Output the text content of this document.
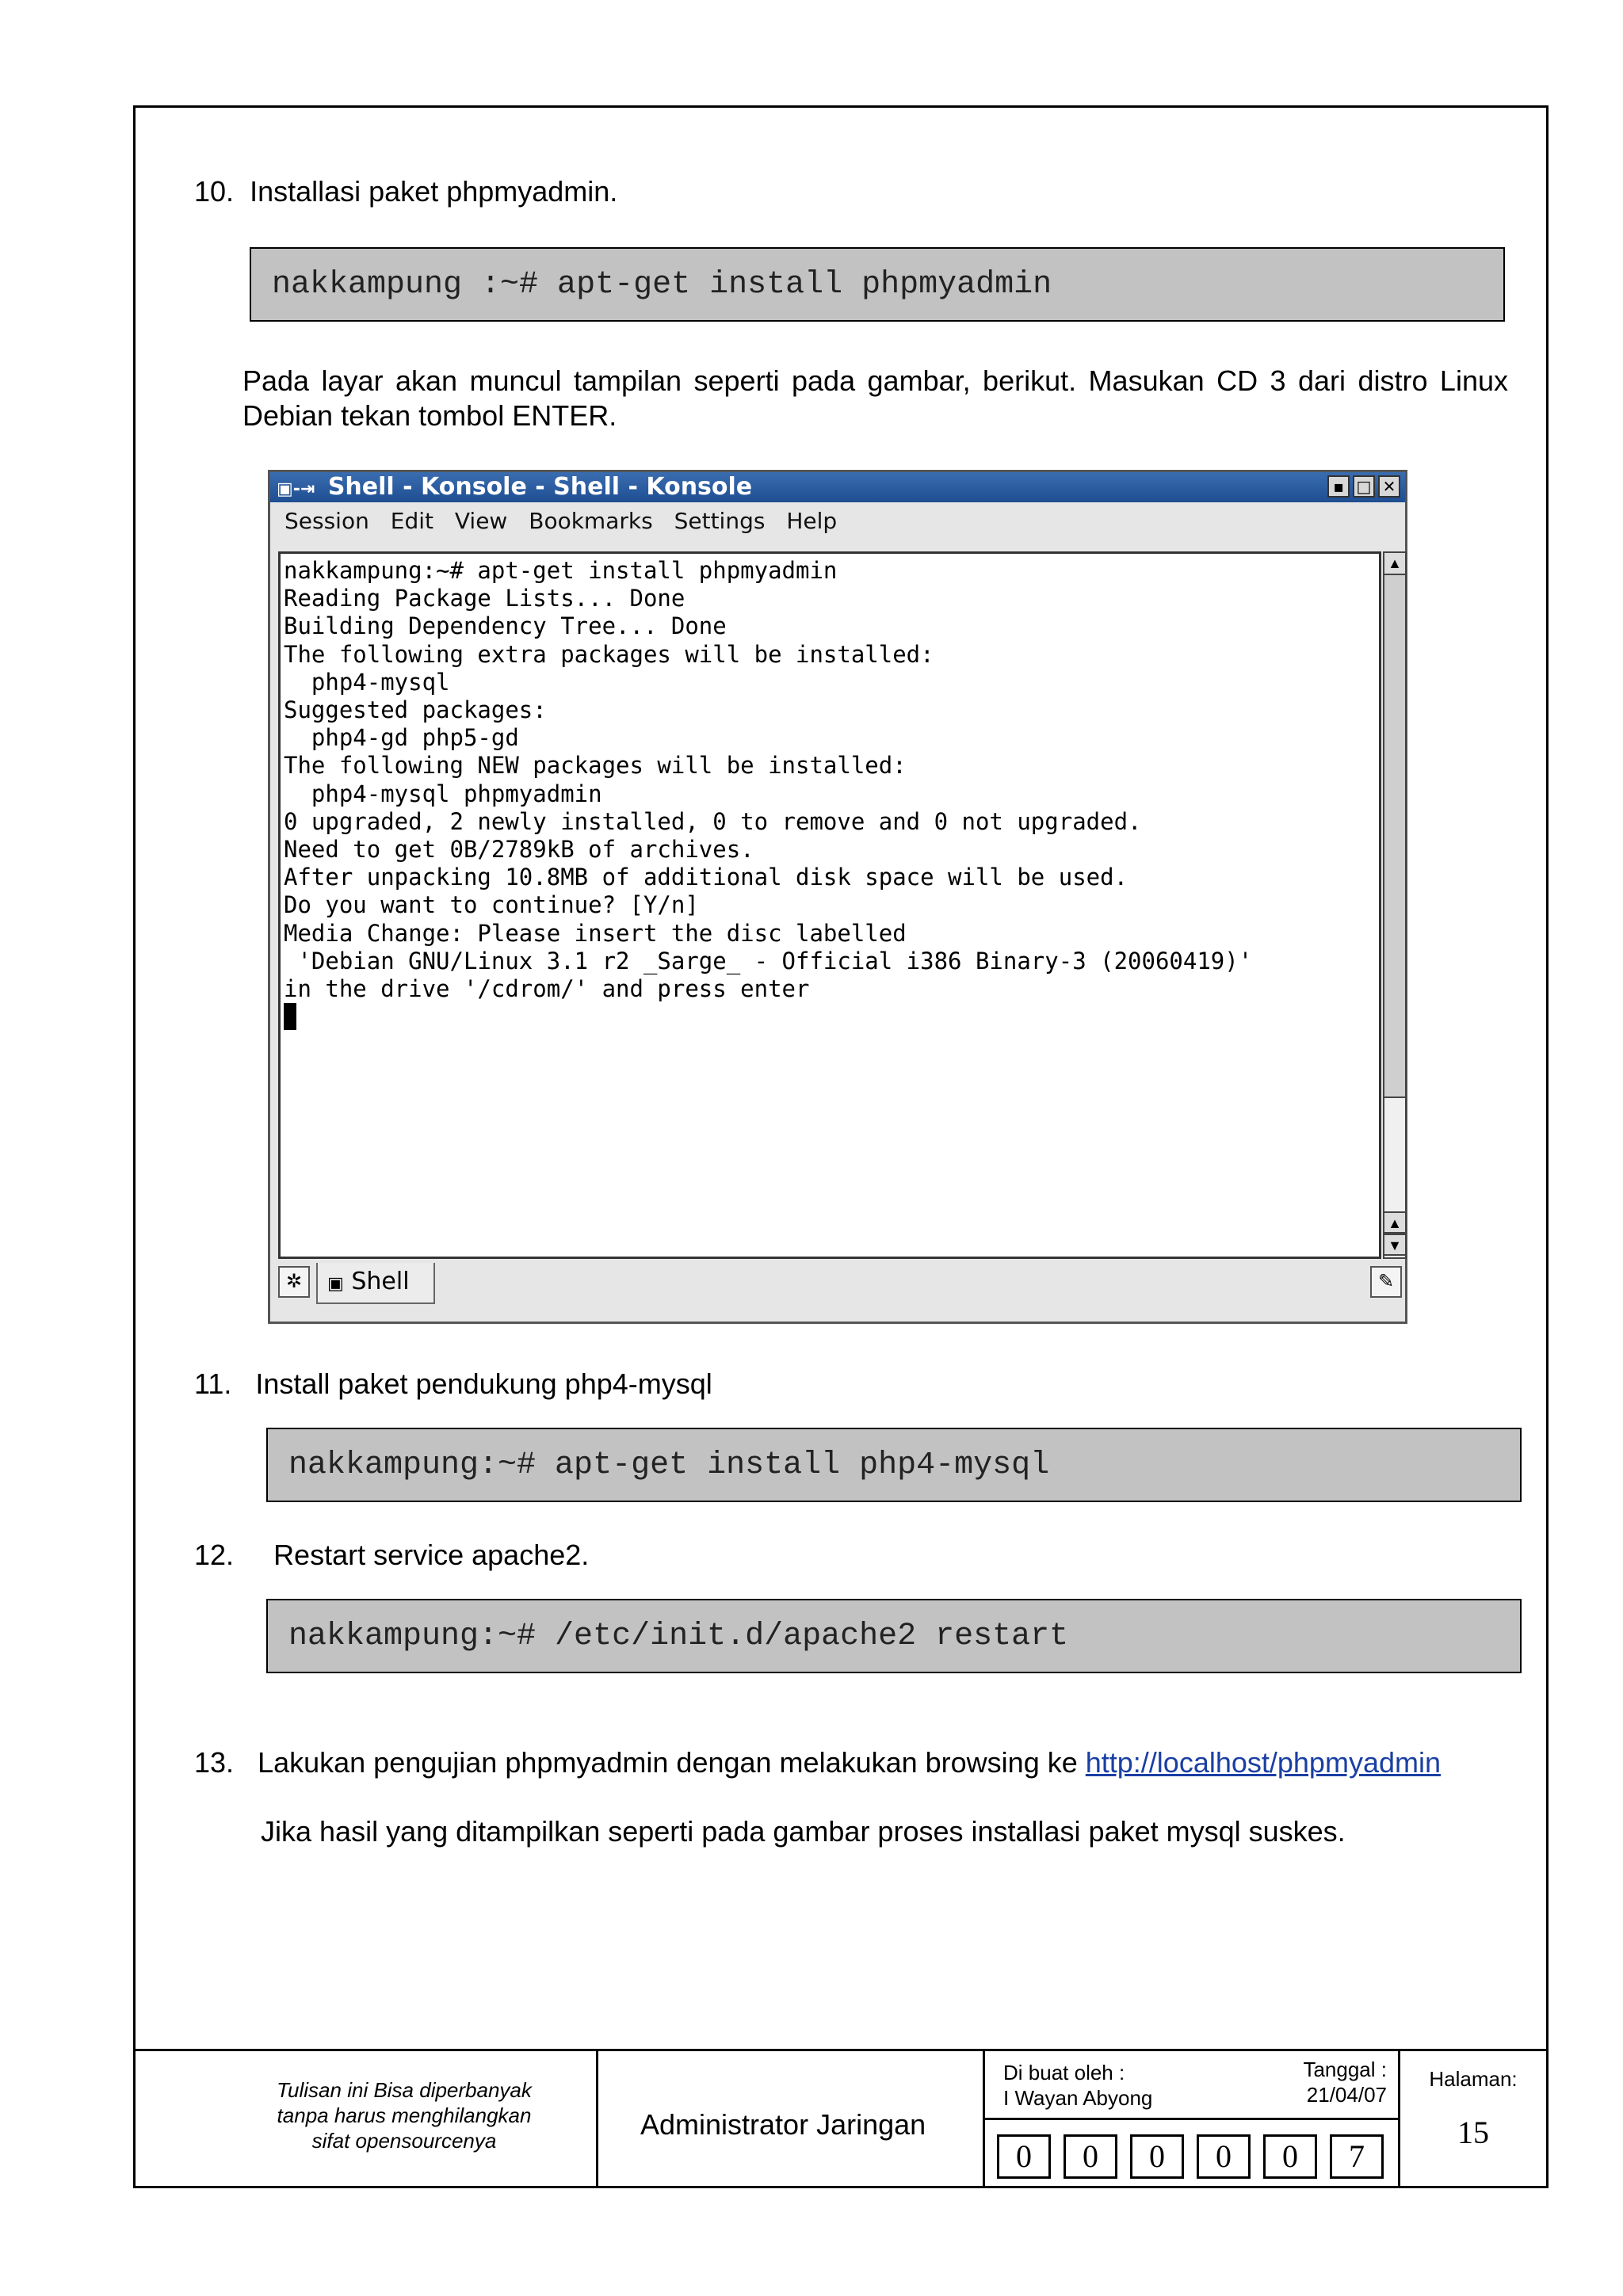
10. Installasi paket phpmyadmin.
nakkampung :~# apt-get install phpmyadmin
Pada layar akan muncul tampilan seperti pada gambar, berikut. Masukan CD 3 dari distro Linux Debian tekan tombol ENTER.
▣-⇥ Shell - Konsole - Shell - Konsole	▪ □ ✕
Session Edit View Bookmarks Settings Help
nakkampung:~# apt-get install phpmyadmin
Reading Package Lists... Done
Building Dependency Tree... Done
The following extra packages will be installed:
php4-mysql
Suggested packages:
php4-gd php5-gd
The following NEW packages will be installed:
php4-mysql phpmyadmin
0 upgraded, 2 newly installed, 0 to remove and 0 not upgraded.
Need to get 0B/2789kB of archives.
After unpacking 10.8MB of additional disk space will be used.
Do you want to continue? [Y/n]
Media Change: Please insert the disc labelled
'Debian GNU/Linux 3.1 r2 _Sarge_ - Official i386 Binary-3 (20060419)'
in the drive '/cdrom/' and press enter

▲
▲
▼
✲	▣ Shell	✎
11. Install paket pendukung php4-mysql
nakkampung:~# apt-get install php4-mysql
12. Restart service apache2.
nakkampung:~# /etc/init.d/apache2 restart
13. Lakukan pengujian phpmyadmin dengan melakukan browsing ke http://localhost/phpmyadmin
Jika hasil yang ditampilkan seperti pada gambar proses installasi paket mysql suskes.
Tulisan ini Bisa diperbanyak
tanpa harus menghilangkan
sifat opensourcenya	Administrator Jaringan
Di buat oleh :
I Wayan Abyong
Tanggal :
21/04/07
0	0	0	0	0	7
Halaman:
15
